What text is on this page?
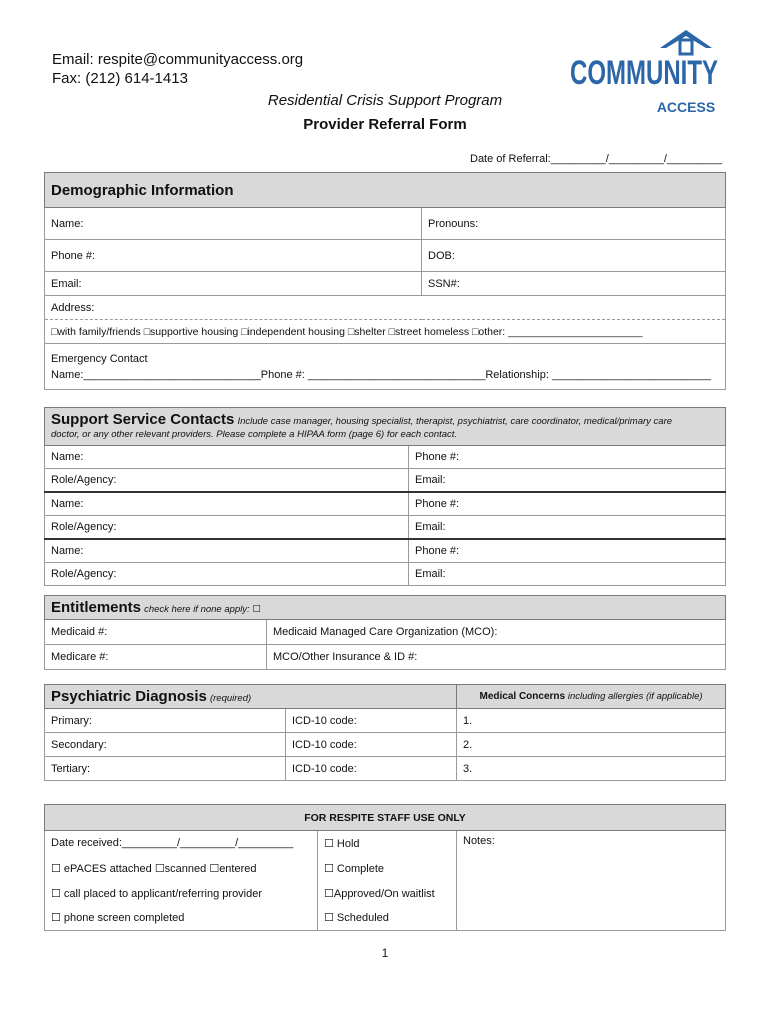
Email: respite@communityaccess.org
Fax: (212) 614-1413	COMMUNITY
ACCESS
Residential Crisis Support Program
Provider Referral Form
Date of Referral:_________/_________/_________
Demographic Information	
Name:	Pronouns:
Phone #:	DOB:
Email:	SSN#:
Address:	
□with family/friends □supportive housing □independent housing □shelter □street homeless □other: _______________________	

Emergency Contact
Name:_____________________________Phone #: _____________________________Relationship: __________________________	
Support Service Contacts Include case manager, housing specialist, therapist, psychiatrist, care coordinator, medical/primary care
doctor, or any other relevant providers. Please complete a HIPAA form (page 6) for each contact.	
Name:	Phone #:
Role/Agency:	Email:
Name:	Phone #:
Role/Agency:	Email:
Name:	Phone #:
Role/Agency:	Email:
Entitlements check here if none apply: ☐	
Medicaid #:	Medicaid Managed Care Organization (MCO):
Medicare #:	MCO/Other Insurance & ID #:
Psychiatric Diagnosis (required)		Medical Concerns including allergies (if applicable)
Primary:	ICD-10 code:	1.
Secondary:	ICD-10 code:	2.
Tertiary:	ICD-10 code:	3.
FOR RESPITE STAFF USE ONLY		
Date received:_________/_________/_________	☐ Hold	Notes:
☐ ePACES attached ☐scanned ☐entered	☐ Complete	
☐ call placed to applicant/referring provider	☐Approved/On waitlist	
☐ phone screen completed	☐ Scheduled	
1
